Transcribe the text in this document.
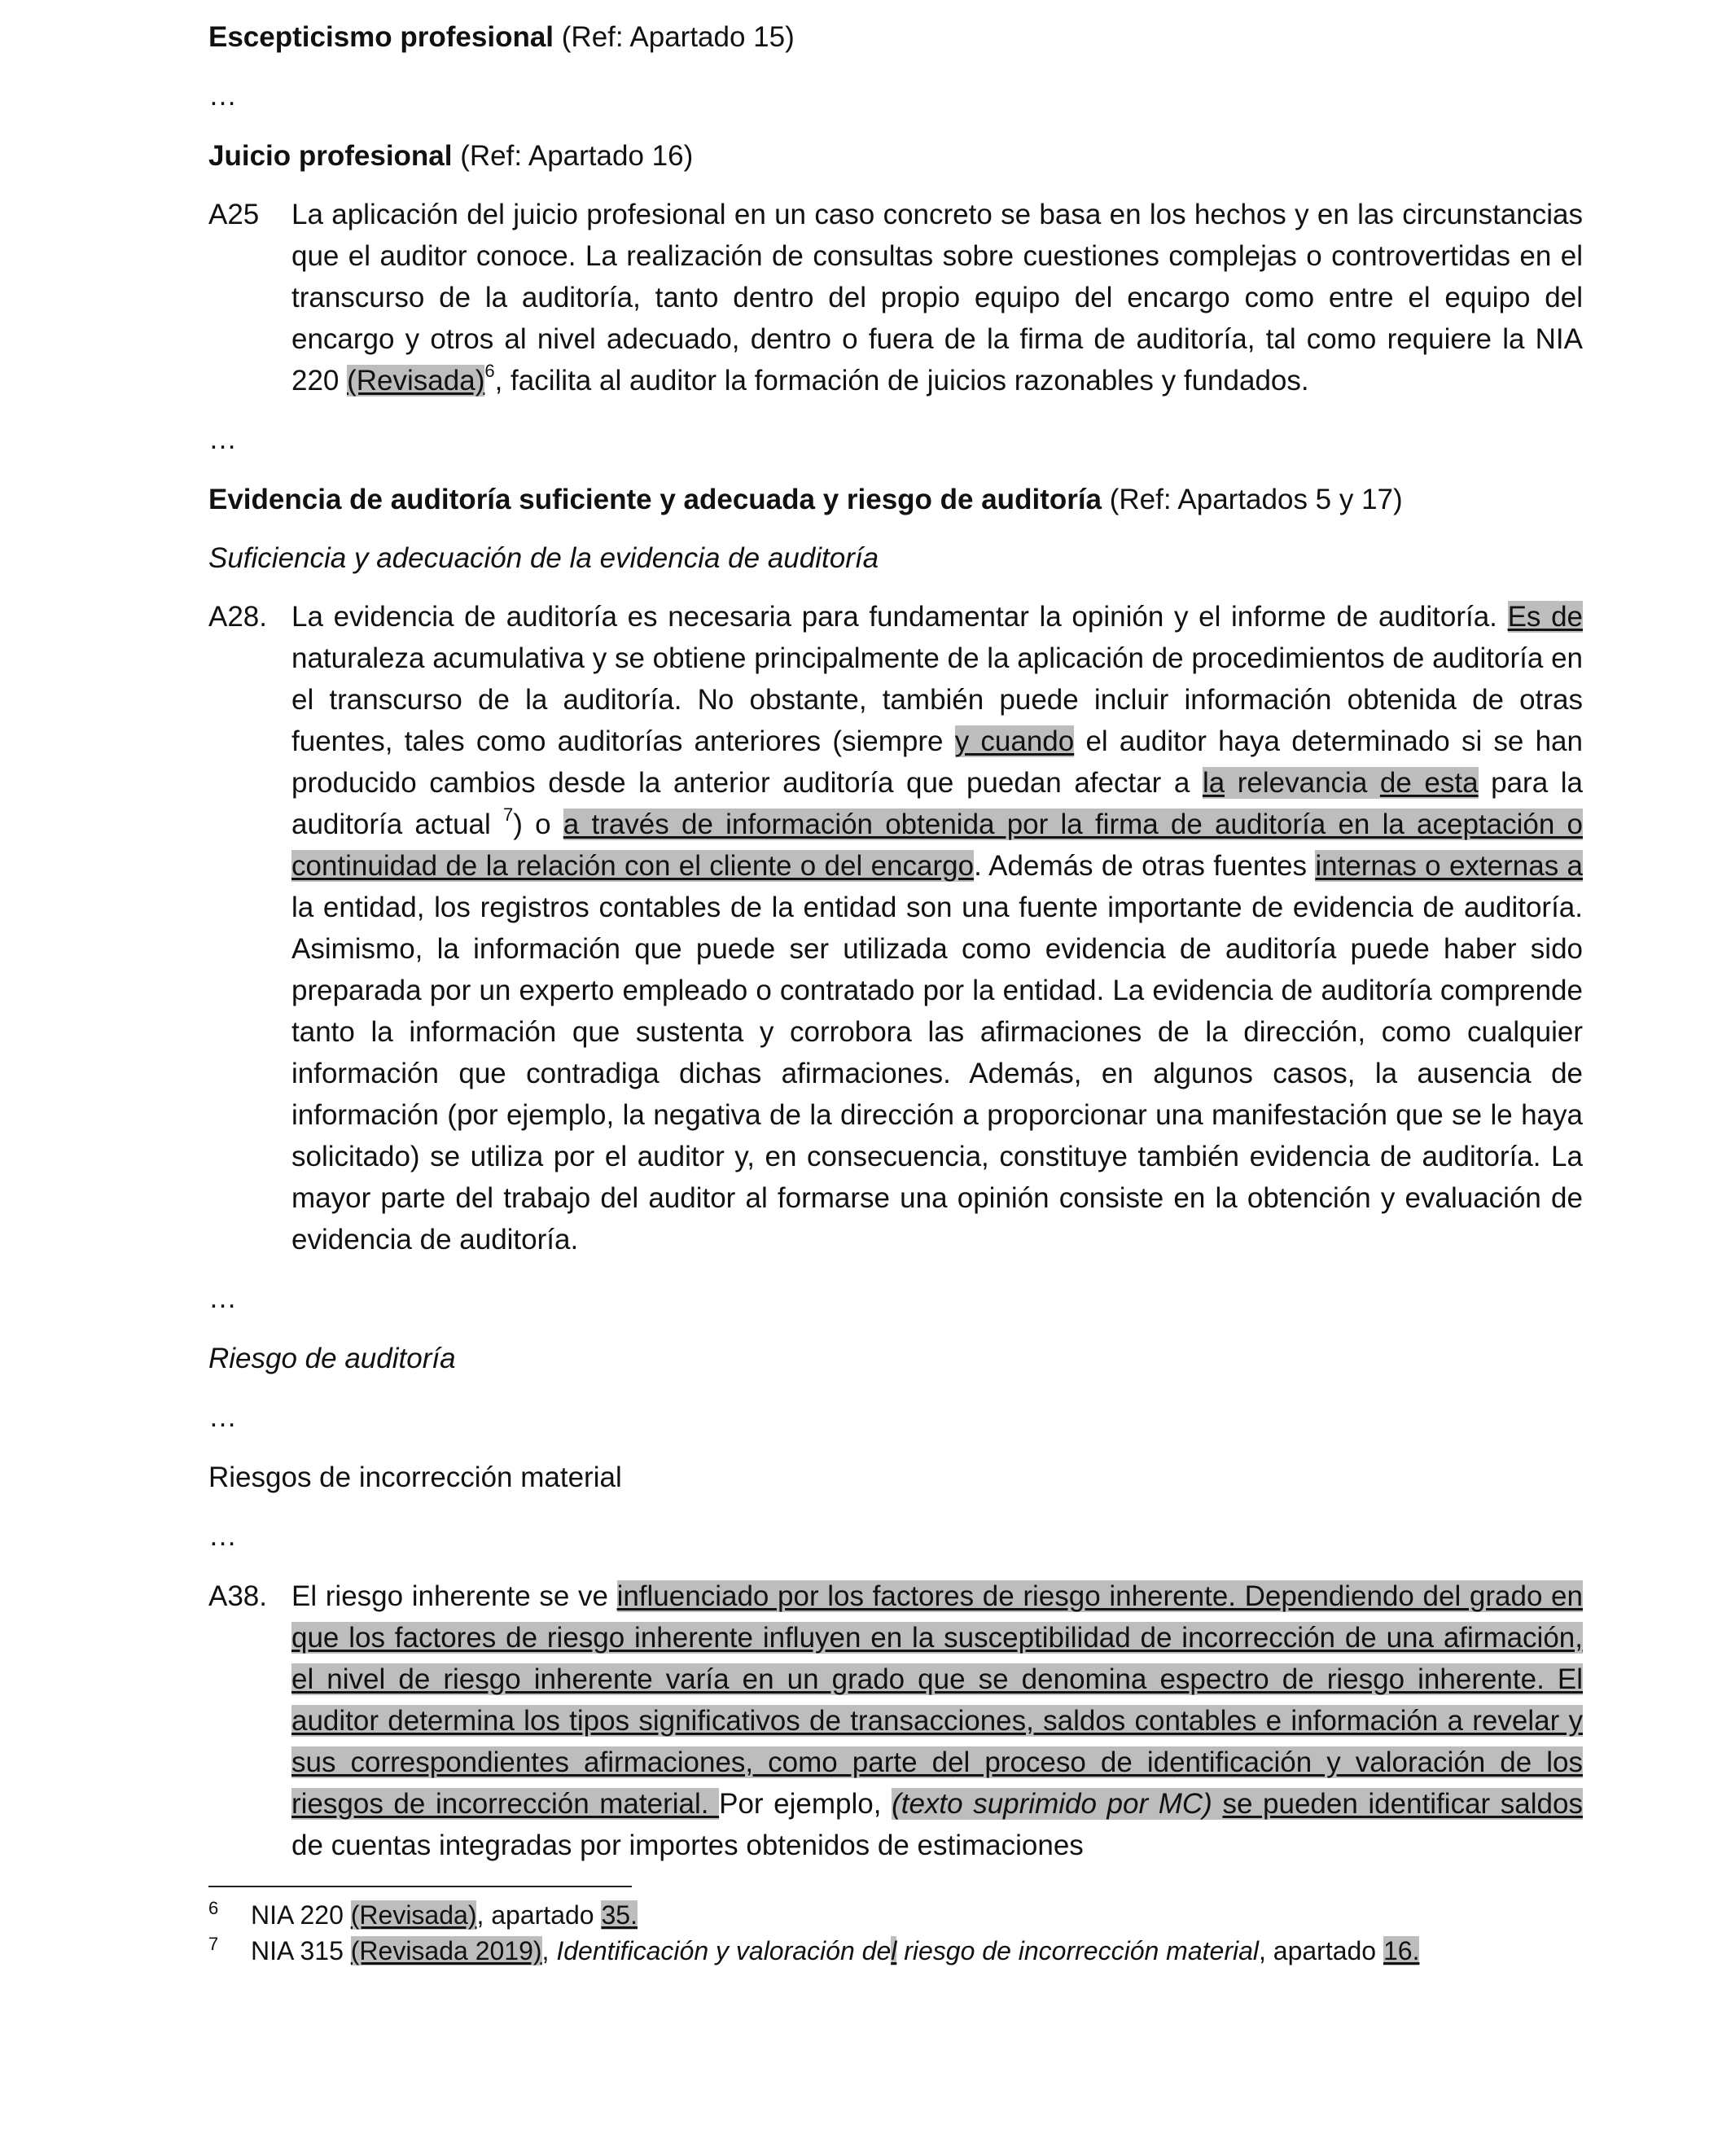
Escepticismo profesional (Ref: Apartado 15)
…
Juicio profesional (Ref: Apartado 16)
A25	La aplicación del juicio profesional en un caso concreto se basa en los hechos y en las circunstancias que el auditor conoce. La realización de consultas sobre cuestiones complejas o controvertidas en el transcurso de la auditoría, tanto dentro del propio equipo del encargo como entre el equipo del encargo y otros al nivel adecuado, dentro o fuera de la firma de auditoría, tal como requiere la NIA 220 (Revisada)$^6$, facilita al auditor la formación de juicios razonables y fundados.
…
Evidencia de auditoría suficiente y adecuada y riesgo de auditoría (Ref: Apartados 5 y 17)
Suficiencia y adecuación de la evidencia de auditoría
A28. La evidencia de auditoría es necesaria para fundamentar la opinión y el informe de auditoría. Es de naturaleza acumulativa y se obtiene principalmente de la aplicación de procedimientos de auditoría en el transcurso de la auditoría. No obstante, también puede incluir información obtenida de otras fuentes, tales como auditorías anteriores (siempre y cuando el auditor haya determinado si se han producido cambios desde la anterior auditoría que puedan afectar a la relevancia de esta para la auditoría actual $^7$) o a través de información obtenida por la firma de auditoría en la aceptación o continuidad de la relación con el cliente o del encargo. Además de otras fuentes internas o externas a la entidad, los registros contables de la entidad son una fuente importante de evidencia de auditoría. Asimismo, la información que puede ser utilizada como evidencia de auditoría puede haber sido preparada por un experto empleado o contratado por la entidad. La evidencia de auditoría comprende tanto la información que sustenta y corrobora las afirmaciones de la dirección, como cualquier información que contradiga dichas afirmaciones. Además, en algunos casos, la ausencia de información (por ejemplo, la negativa de la dirección a proporcionar una manifestación que se le haya solicitado) se utiliza por el auditor y, en consecuencia, constituye también evidencia de auditoría. La mayor parte del trabajo del auditor al formarse una opinión consiste en la obtención y evaluación de evidencia de auditoría.
…
Riesgo de auditoría
…
Riesgos de incorrección material
…
A38. El riesgo inherente se ve influenciado por los factores de riesgo inherente. Dependiendo del grado en que los factores de riesgo inherente influyen en la susceptibilidad de incorrección de una afirmación, el nivel de riesgo inherente varía en un grado que se denomina espectro de riesgo inherente. El auditor determina los tipos significativos de transacciones, saldos contables e información a revelar y sus correspondientes afirmaciones, como parte del proceso de identificación y valoración de los riesgos de incorrección material. Por ejemplo, (texto suprimido por MC) se pueden identificar saldos de cuentas integradas por importes obtenidos de estimaciones
6	NIA 220 (Revisada), apartado 35.
7	NIA 315 (Revisada 2019), Identificación y valoración del riesgo de incorrección material, apartado 16.
